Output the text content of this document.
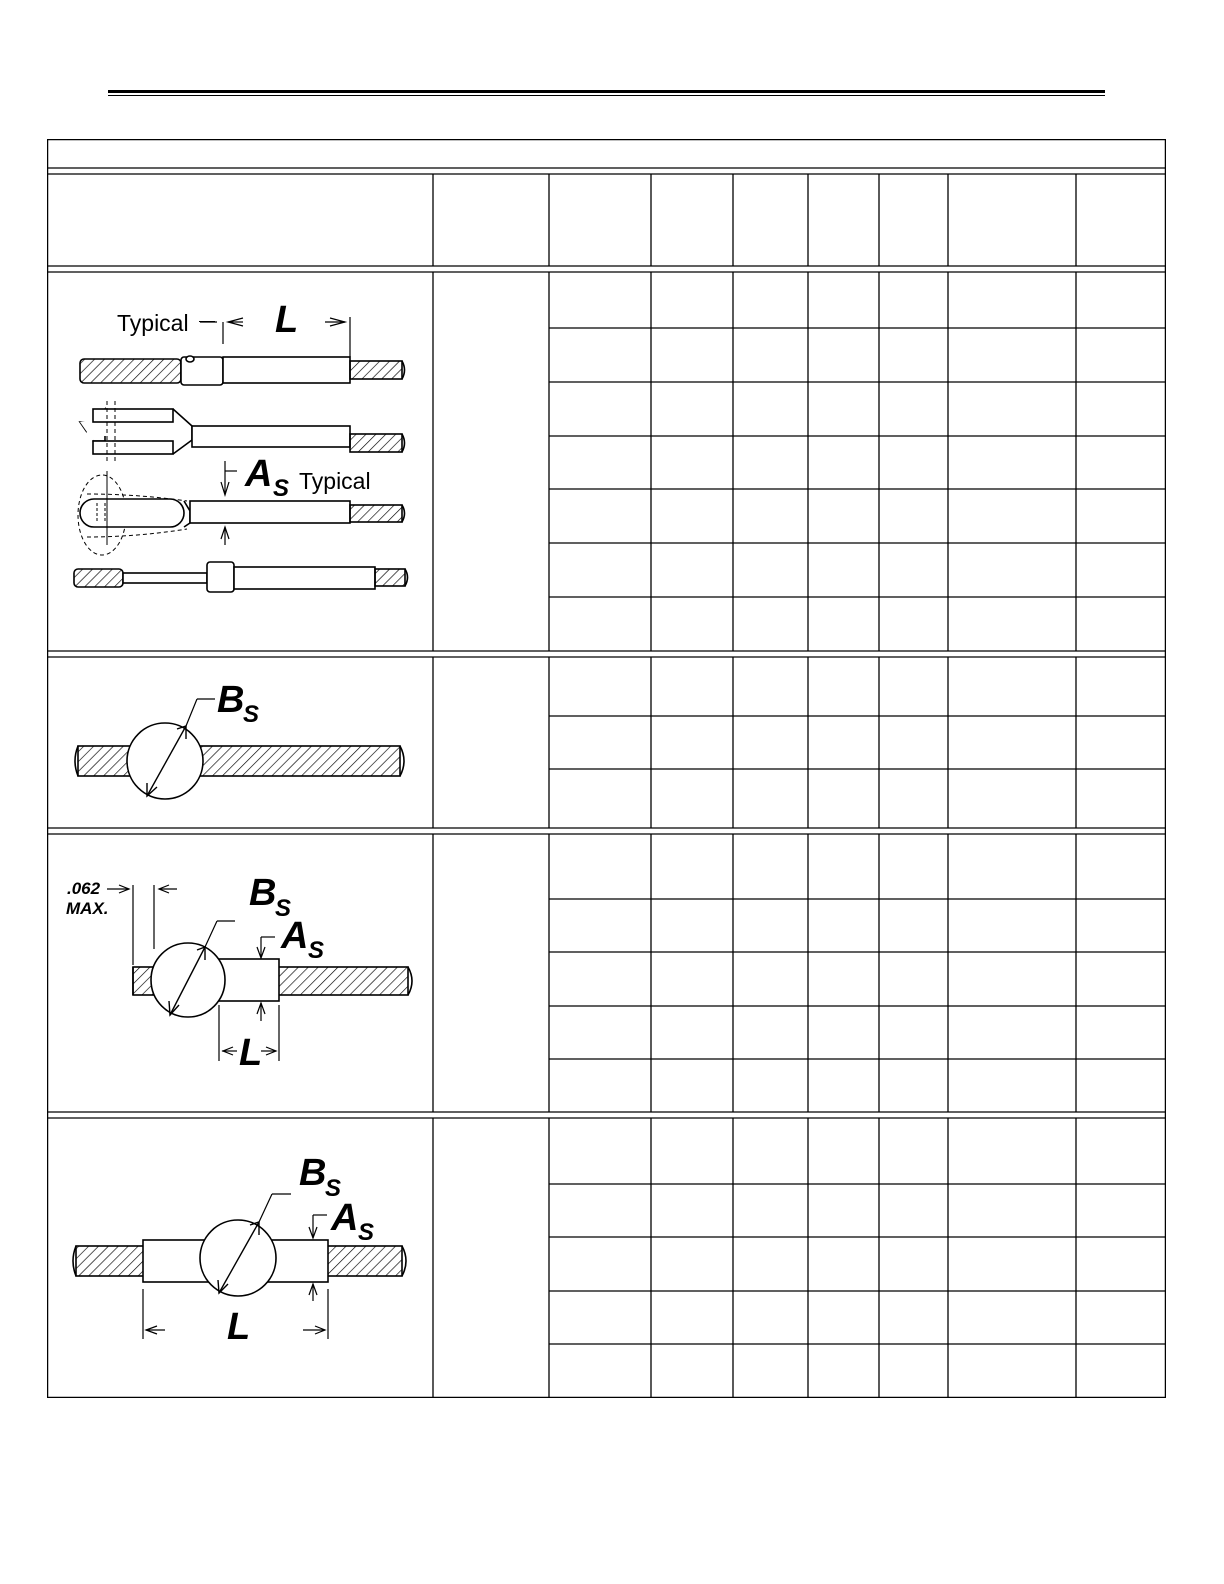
Typical L
A S Typical
B
S
.062
MAX.	B
S
A S
L
B
S
A S
L
